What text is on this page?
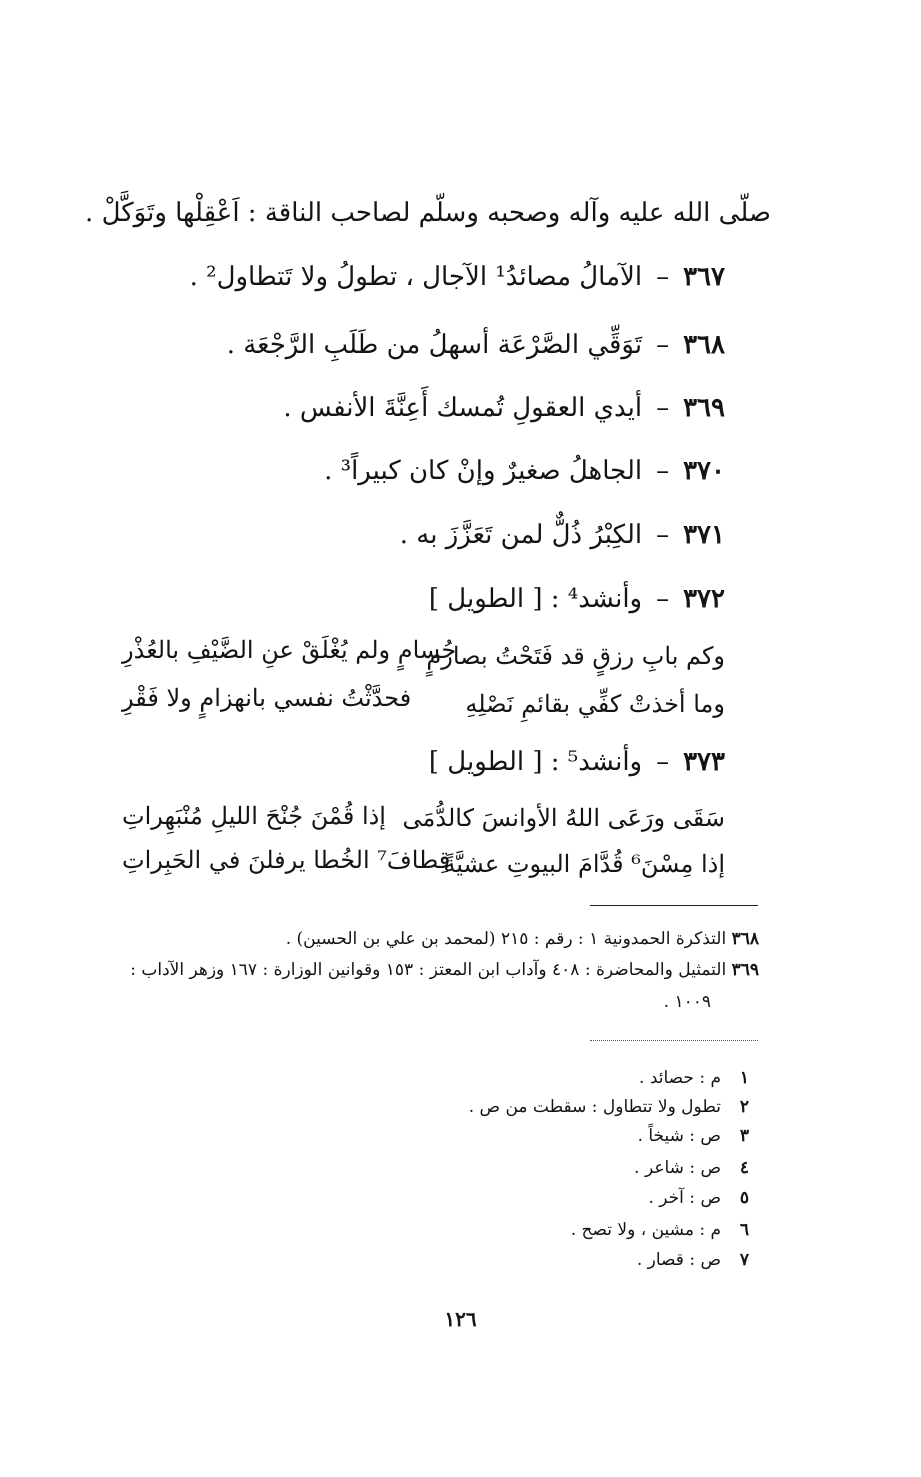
صلّى الله عليه وآله وصحبه وسلّم لصاحب الناقة : اَعْقِلْها وتَوَكَّلْ .
٣٦٧–الآمالُ مصائدُ¹ الآجال ، تطولُ ولا تَتطاول² .
٣٦٨–تَوَقِّي الصَّرْعَة أسهلُ من طَلَبِ الرَّجْعَة .
٣٦٩–أيدي العقولِ تُمسك أَعِنَّةَ الأنفس .
٣٧٠–الجاهلُ صغيرٌ وإنْ كان كبيراً³ .
٣٧١–الكِبْرُ ذُلٌّ لمن تَعَزَّزَ به .
٣٧٢–وأنشد⁴ : [ الطويل ]
وكم بابِ رزقٍ قد فَتَحْتُ بصارمٍ
حُسامٍ ولم يُغْلَقْ عنِ الضَّيْفِ بالعُذْرِ
وما أخذتْ كفِّي بقائمِ نَصْلِهِ
فحدَّثْتُ نفسي بانهزامٍ ولا فَقْرِ
٣٧٣–وأنشد⁵ : [ الطويل ]
سَقَى ورَعَى اللهُ الأوانسَ كالدُّمَى
إذا قُمْنَ جُنْحَ الليلِ مُنْبَهِراتِ
إذا مِسْنَ⁶ قُدَّامَ البيوتِ عشيَّةً
قِطافَ⁷ الخُطا يرفلنَ في الحَبِراتِ
٣٦٨ التذكرة الحمدونية ١ : رقم : ٢١٥ (لمحمد بن علي بن الحسين) .
٣٦٩ التمثيل والمحاضرة : ٤٠٨ وآداب ابن المعتز : ١٥٣ وقوانين الوزارة : ١٦٧ وزهر الآداب :
١٠٠٩ .
١
م : حصائد .
٢
تطول ولا تتطاول : سقطت من ص .
٣
ص : شيخاً .
٤
ص : شاعر .
٥
ص : آخر .
٦
م : مشين ، ولا تصح .
٧
ص : قصار .
١٢٦
